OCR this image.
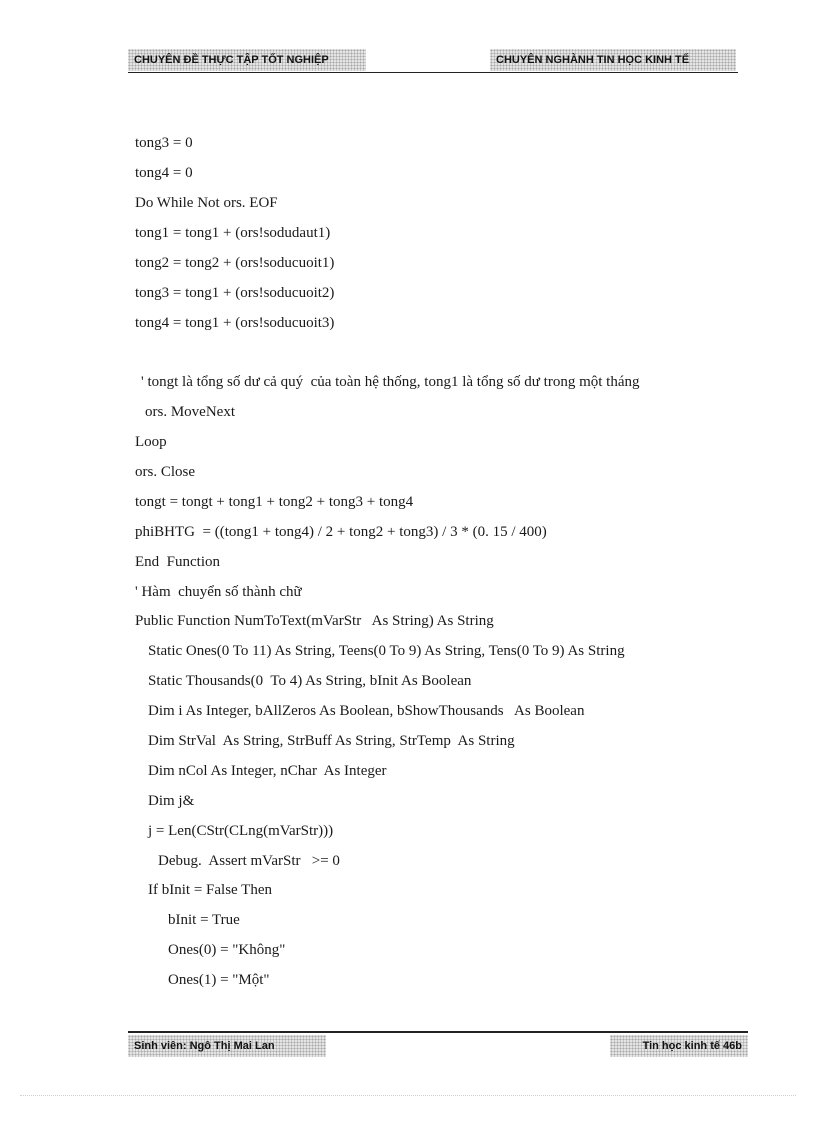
CHUYÊN ĐỀ THỰC TẬP TỐT NGHIỆP	CHUYÊN NGHÀNH TIN HỌC KINH TẾ
tong3 = 0
tong4 = 0
Do While Not ors. EOF
tong1 = tong1 + (ors!sodudaut1)
tong2 = tong2 + (ors!soducuoit1)
tong3 = tong1 + (ors!soducuoit2)
tong4 = tong1 + (ors!soducuoit3)
' tongt là tổng số dư cả quý  của toàn hệ thống, tong1 là tổng số dư trong một tháng
ors. MoveNext
Loop
ors. Close
tongt = tongt + tong1 + tong2 + tong3 + tong4
phiBHTG  = ((tong1 + tong4) / 2 + tong2 + tong3) / 3 * (0. 15 / 400)
End  Function
' Hàm  chuyển số thành chữ
Public Function NumToText(mVarStr   As String) As String
Static Ones(0 To 11) As String, Teens(0 To 9) As String, Tens(0 To 9) As String
Static Thousands(0  To 4) As String, bInit As Boolean
Dim i As Integer, bAllZeros As Boolean, bShowThousands   As Boolean
Dim StrVal  As String, StrBuff As String, StrTemp  As String
Dim nCol As Integer, nChar  As Integer
Dim j&
j = Len(CStr(CLng(mVarStr)))
Debug.  Assert mVarStr   >= 0
If bInit = False Then
bInit = True
Ones(0) = "Không"
Ones(1) = "Một"
Sinh viên: Ngô Thị Mai Lan	Tin học kinh tế 46b
